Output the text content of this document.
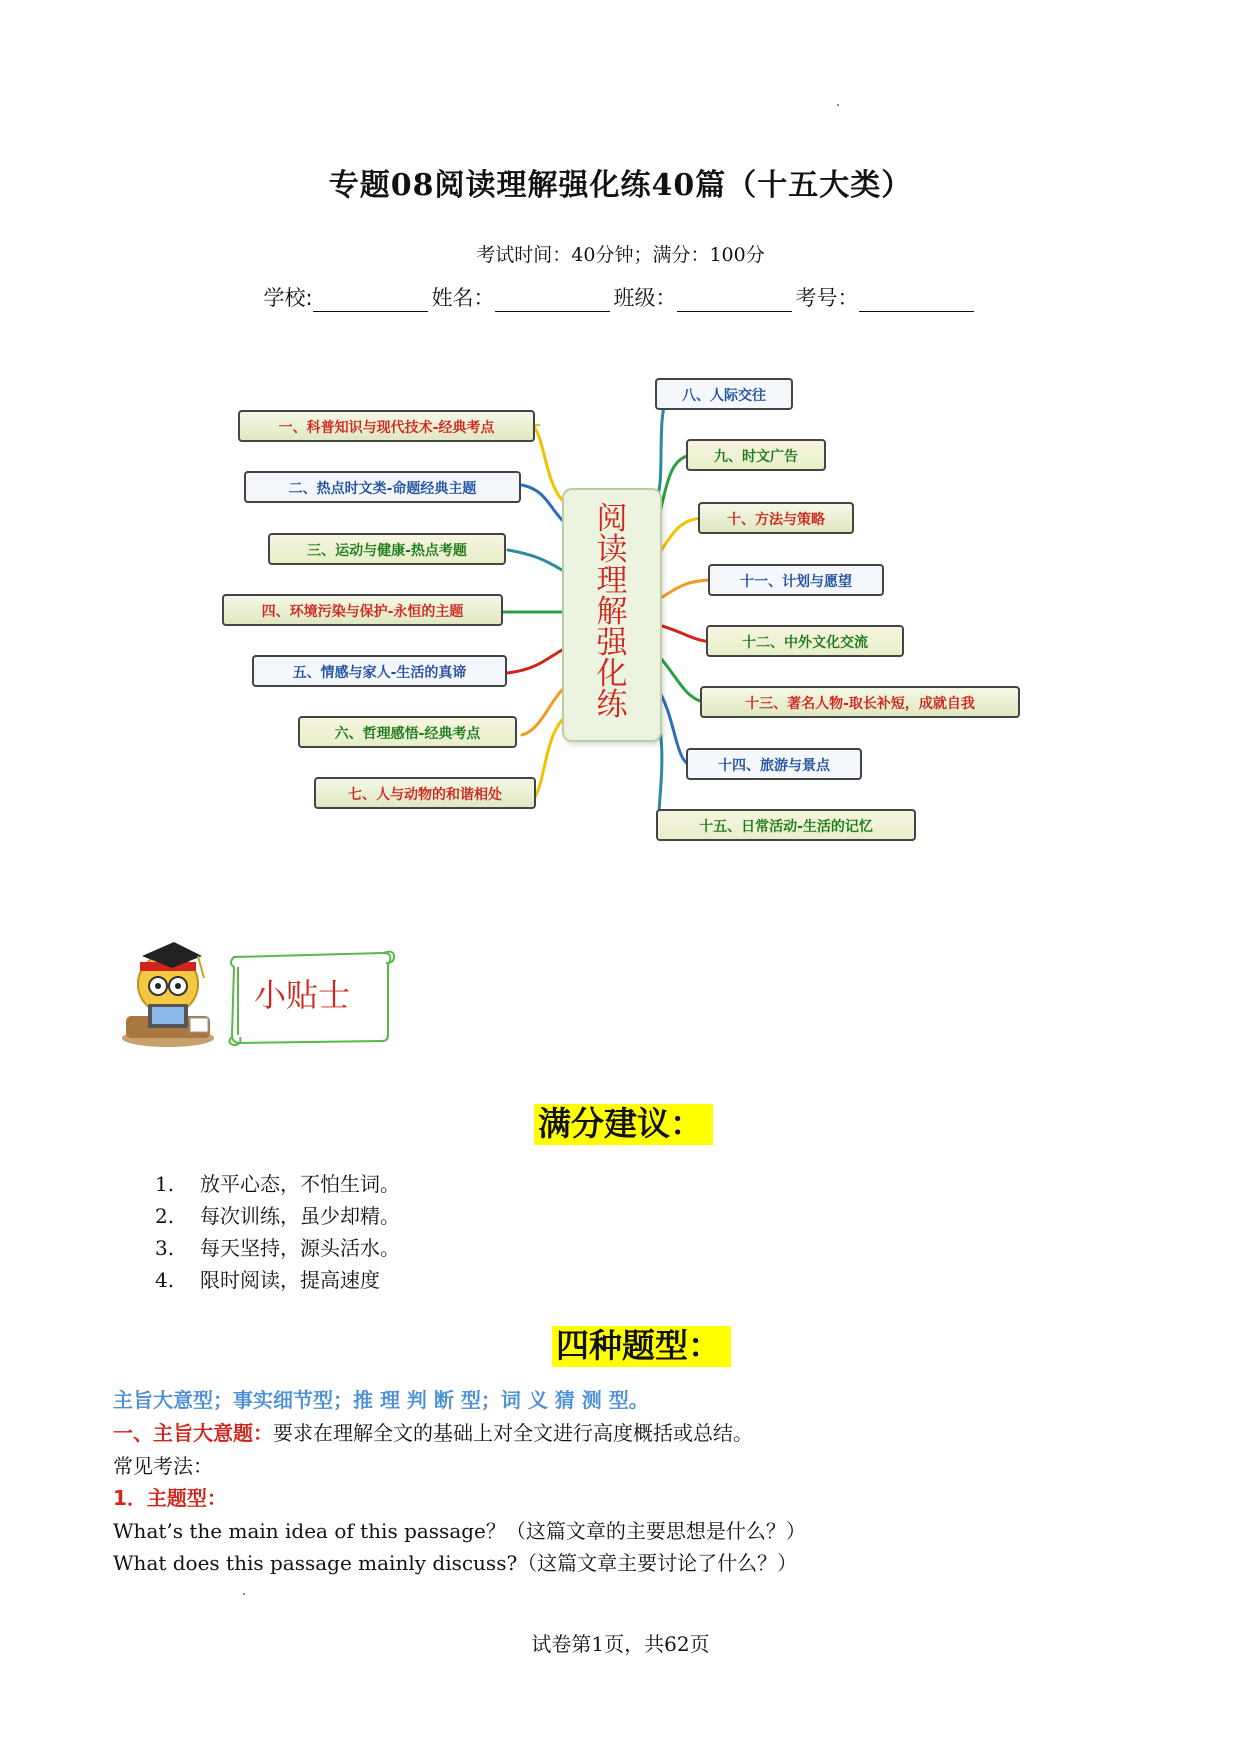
专题08阅读理解强化练40篇（十五大类）
考试时间：40分钟；满分：100分
学校:	姓名：	班级：	考号：
一、科普知识与现代技术-经典考点
二、热点时文类-命题经典主题
三、运动与健康-热点考题
四、环境污染与保护-永恒的主题
五、情感与家人-生活的真谛
六、哲理感悟-经典考点
七、人与动物的和谐相处
阅
读
理
解
强
化
练
八、人际交往
九、时文广告
十、方法与策略
十一、计划与愿望
十二、中外文化交流
十三、著名人物-取长补短，成就自我
十四、旅游与景点
十五、日常活动-生活的记忆
小贴士
满分建议：
1. 放平心态，不怕生词。
2. 每次训练，虽少却精。
3. 每天坚持，源头活水。
4. 限时阅读，提高速度
四种题型：
主旨大意型；事实细节型；推 理 判 断 型；词 义 猜 测 型。
一、主旨大意题：要求在理解全文的基础上对全文进行高度概括或总结。
常见考法：
1．主题型：
What’s the main idea of this passage？（这篇文章的主要思想是什么？）
What does this passage mainly discuss?（这篇文章主要讨论了什么？）
试卷第1页，共62页
